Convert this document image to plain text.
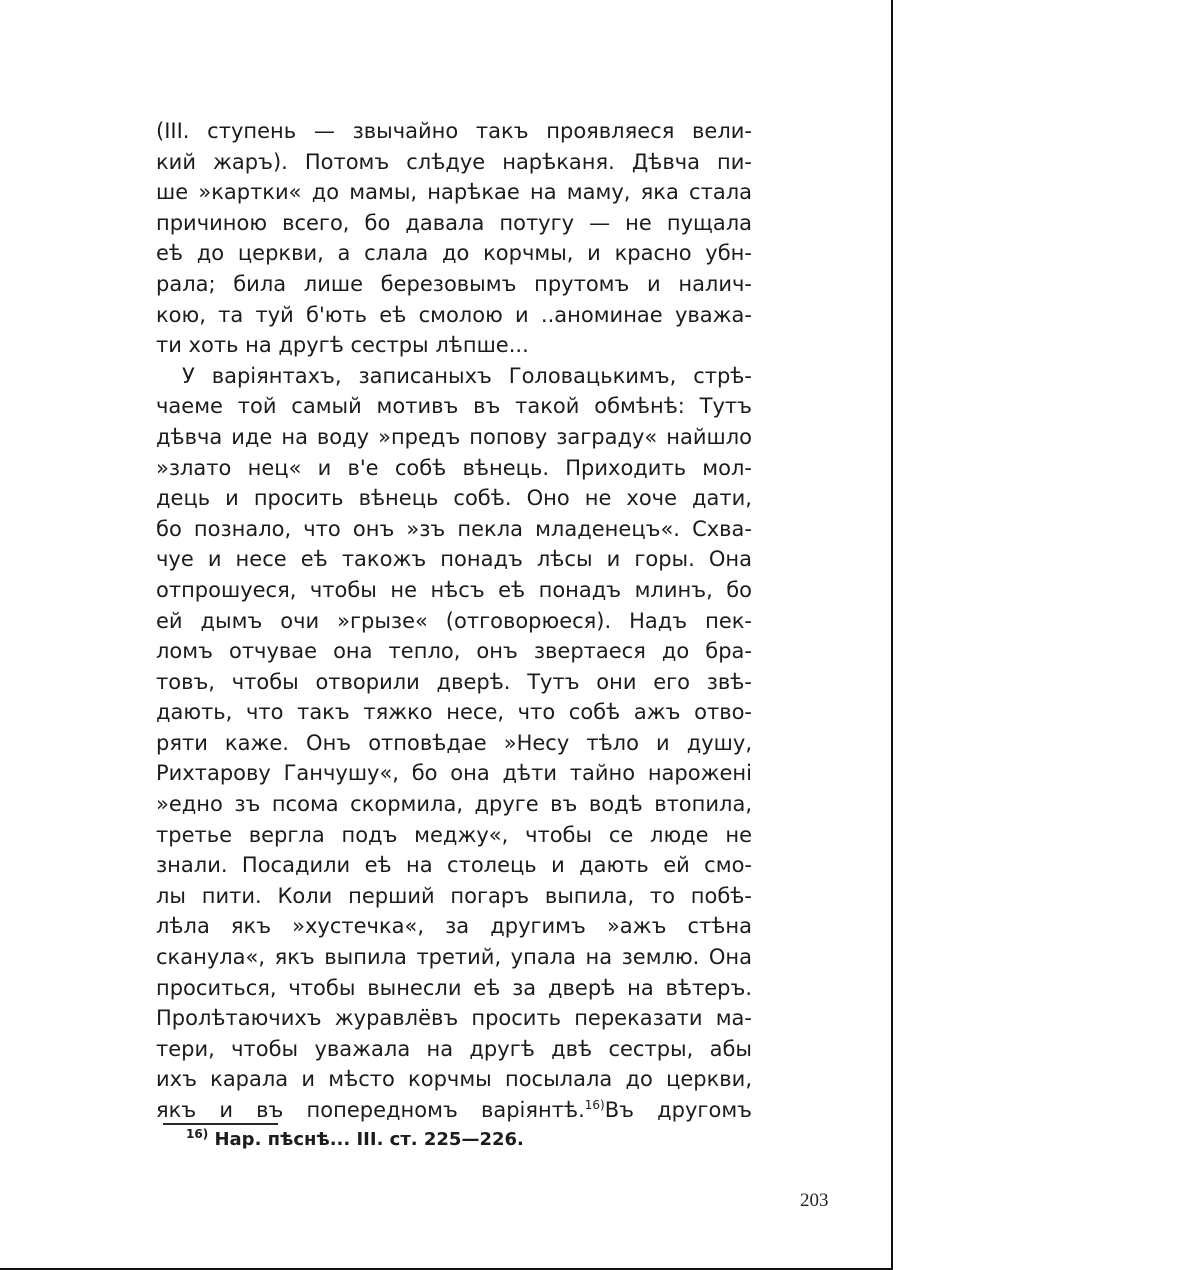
(III. ступень — звычайно такъ проявляеся вели-
кий жаръ). Потомъ слѣдуе нарѣканя. Дѣвча пи-
ше »картки« до мамы, нарѣкае на маму, яка стала
причиною всего, бо давала потугу — не пущала
еѣ до церкви, а слала до корчмы, и красно убн-
рала; била лише березовымъ прутомъ и налич-
кою, та туй б'ють еѣ смолою и ..аноминае уважа-
ти хоть на другѣ сестры лѣпше...
У варіянтахъ, записаныхъ Головацькимъ, стрѣ-
чаеме той самый мотивъ въ такой обмѣнѣ: Тутъ
дѣвча иде на воду »предъ попову заграду« найшло
»злато нец« и в'е собѣ вѣнець. Приходить мол-
дець и просить вѣнець собѣ. Оно не хоче дати,
бо познало, что онъ »зъ пекла младенецъ«. Схва-
чуе и несе еѣ такожъ понадъ лѣсы и горы. Она
отпрошуеся, чтобы не нѣсъ еѣ понадъ млинъ, бо
ей дымъ очи »грызе« (отговорюеся). Надъ пек-
ломъ отчувае она тепло, онъ звертаеся до бра-
товъ, чтобы отворили дверѣ. Тутъ они его звѣ-
дають, что такъ тяжко несе, что собѣ ажъ отво-
ряти каже. Онъ отповѣдае »Несу тѣло и душу,
Рихтарову Ганчушу«, бо она дѣти тайно нарожені
»едно зъ псома скормила, друге въ водѣ втопила,
третье вергла подъ меджу«, чтобы се люде не
знали. Посадили еѣ на столець и дають ей смо-
лы пити. Коли перший погаръ выпила, то побѣ-
лѣла якъ »хустечка«, за другимъ »ажъ стѣна
сканула«, якъ выпила третий, упала на землю. Она
проситься, чтобы вынесли еѣ за дверѣ на вѣтеръ.
Пролѣтаючихъ журавлёвъ просить переказати ма-
тери, чтобы уважала на другѣ двѣ сестры, абы
ихъ карала и мѣсто корчмы посылала до церкви,
якъ и въ попередномъ варіянтѣ.$^{16)}$Въ другомъ
$^{16)}$ Нар. пѣснѣ... III. ст. 225—226.
203
